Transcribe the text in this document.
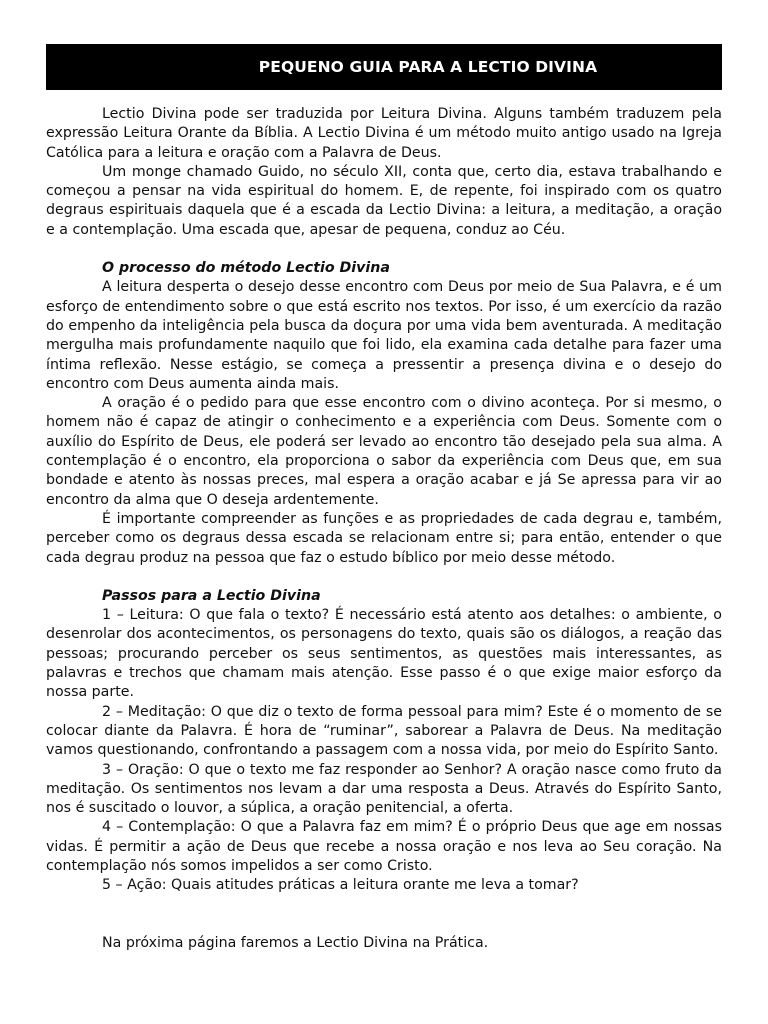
PEQUENO GUIA PARA A LECTIO DIVINA

Lectio Divina pode ser traduzida por Leitura Divina. Alguns também traduzem pela expressão Leitura Orante da Bíblia. A Lectio Divina é um método muito antigo usado na Igreja Católica para a leitura e oração com a Palavra de Deus.

Um monge chamado Guido, no século XII, conta que, certo dia, estava trabalhando e começou a pensar na vida espiritual do homem. E, de repente, foi inspirado com os quatro degraus espirituais daquela que é a escada da Lectio Divina: a leitura, a meditação, a oração e a contemplação. Uma escada que, apesar de pequena, conduz ao Céu.

O processo do método Lectio Divina

A leitura desperta o desejo desse encontro com Deus por meio de Sua Palavra, e é um esforço de entendimento sobre o que está escrito nos textos. Por isso, é um exercício da razão do empenho da inteligência pela busca da doçura por uma vida bem aventurada. A meditação mergulha mais profundamente naquilo que foi lido, ela examina cada detalhe para fazer uma íntima reflexão. Nesse estágio, se começa a pressentir a presença divina e o desejo do encontro com Deus aumenta ainda mais.

A oração é o pedido para que esse encontro com o divino aconteça. Por si mesmo, o homem não é capaz de atingir o conhecimento e a experiência com Deus. Somente com o auxílio do Espírito de Deus, ele poderá ser levado ao encontro tão desejado pela sua alma. A contemplação é o encontro, ela proporciona o sabor da experiência com Deus que, em sua bondade e atento às nossas preces, mal espera a oração acabar e já Se apressa para vir ao encontro da alma que O deseja ardentemente.

É importante compreender as funções e as propriedades de cada degrau e, também, perceber como os degraus dessa escada se relacionam entre si; para então, entender o que cada degrau produz na pessoa que faz o estudo bíblico por meio desse método.

Passos para a Lectio Divina

1 – Leitura: O que fala o texto? É necessário está atento aos detalhes: o ambiente, o desenrolar dos acontecimentos, os personagens do texto, quais são os diálogos, a reação das pessoas; procurando perceber os seus sentimentos, as questões mais interessantes, as palavras e trechos que chamam mais atenção. Esse passo é o que exige maior esforço da nossa parte.

2 – Meditação: O que diz o texto de forma pessoal para mim? Este é o momento de se colocar diante da Palavra. É hora de “ruminar”, saborear a Palavra de Deus. Na meditação vamos questionando, confrontando a passagem com a nossa vida, por meio do Espírito Santo.

3 – Oração: O que o texto me faz responder ao Senhor? A oração nasce como fruto da meditação. Os sentimentos nos levam a dar uma resposta a Deus. Através do Espírito Santo, nos é suscitado o louvor, a súplica, a oração penitencial, a oferta.

4 – Contemplação: O que a Palavra faz em mim? É o próprio Deus que age em nossas vidas. É permitir a ação de Deus que recebe a nossa oração e nos leva ao Seu coração. Na contemplação nós somos impelidos a ser como Cristo.

5 – Ação: Quais atitudes práticas a leitura orante me leva a tomar?

Na próxima página faremos a Lectio Divina na Prática.
